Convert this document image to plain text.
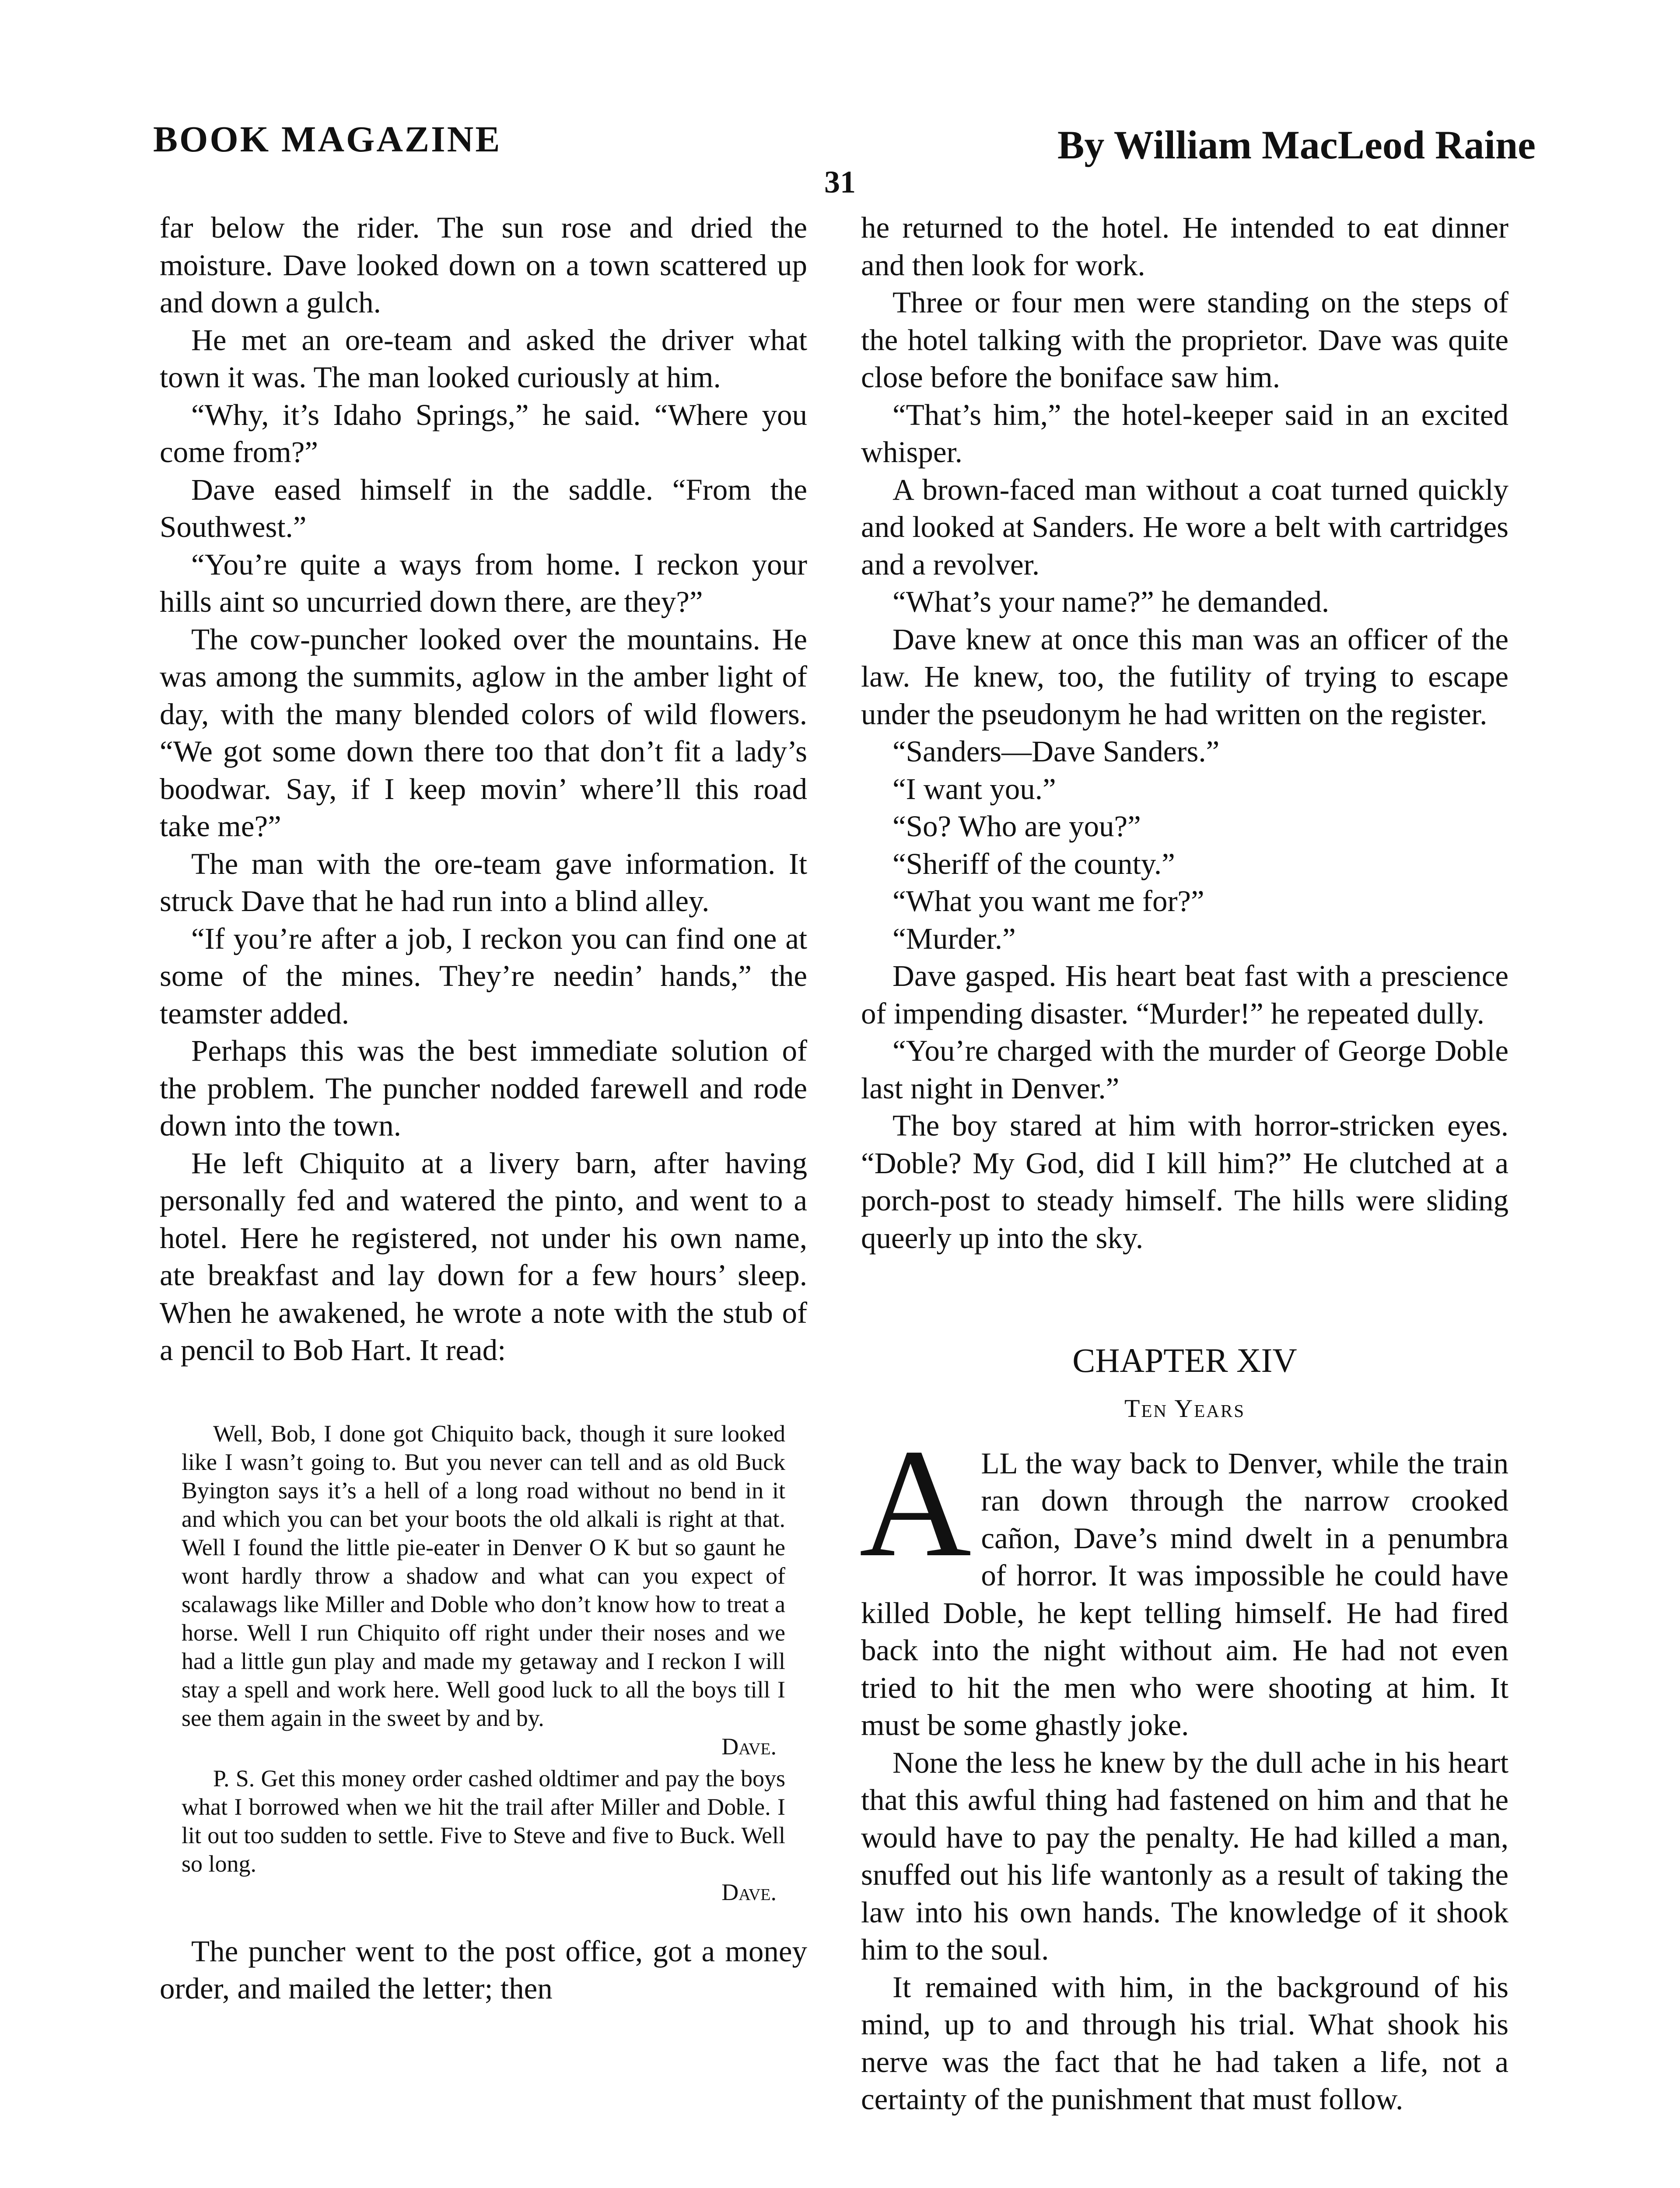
BOOK MAGAZINE	By William MacLeod Raine
31

far below the rider. The sun rose and dried the moisture. Dave looked down on a town scattered up and down a gulch.

He met an ore-team and asked the driver what town it was. The man looked curiously at him.

“Why, it’s Idaho Springs,” he said. “Where you come from?”

Dave eased himself in the saddle. “From the Southwest.”

“You’re quite a ways from home. I reckon your hills aint so uncurried down there, are they?”

The cow-puncher looked over the mountains. He was among the summits, aglow in the amber light of day, with the many blended colors of wild flowers. “We got some down there too that don’t fit a lady’s boodwar. Say, if I keep movin’ where’ll this road take me?”

The man with the ore-team gave information. It struck Dave that he had run into a blind alley.

“If you’re after a job, I reckon you can find one at some of the mines. They’re needin’ hands,” the teamster added.

Perhaps this was the best immediate solution of the problem. The puncher nodded farewell and rode down into the town.

He left Chiquito at a livery barn, after having personally fed and watered the pinto, and went to a hotel. Here he registered, not under his own name, ate breakfast and lay down for a few hours’ sleep. When he awakened, he wrote a note with the stub of a pencil to Bob Hart. It read:

Well, Bob, I done got Chiquito back, though it sure looked like I wasn’t going to. But you never can tell and as old Buck Byington says it’s a hell of a long road without no bend in it and which you can bet your boots the old alkali is right at that. Well I found the little pie-eater in Denver O K but so gaunt he wont hardly throw a shadow and what can you expect of scalawags like Miller and Doble who don’t know how to treat a horse. Well I run Chiquito off right under their noses and we had a little gun play and made my getaway and I reckon I will stay a spell and work here. Well good luck to all the boys till I see them again in the sweet by and by.

Dave.

P. S. Get this money order cashed oldtimer and pay the boys what I borrowed when we hit the trail after Miller and Doble. I lit out too sudden to settle. Five to Steve and five to Buck. Well so long.

Dave.

The puncher went to the post office, got a money order, and mailed the letter; then

he returned to the hotel. He intended to eat dinner and then look for work.

Three or four men were standing on the steps of the hotel talking with the proprietor. Dave was quite close before the boniface saw him.

“That’s him,” the hotel-keeper said in an excited whisper.

A brown-faced man without a coat turned quickly and looked at Sanders. He wore a belt with cartridges and a revolver.

“What’s your name?” he demanded.

Dave knew at once this man was an officer of the law. He knew, too, the futility of trying to escape under the pseudonym he had written on the register.

“Sanders—Dave Sanders.”

“I want you.”

“So? Who are you?”

“Sheriff of the county.”

“What you want me for?”

“Murder.”

Dave gasped. His heart beat fast with a prescience of impending disaster. “Murder!” he repeated dully.

“You’re charged with the murder of George Doble last night in Denver.”

The boy stared at him with horror-stricken eyes. “Doble? My God, did I kill him?” He clutched at a porch-post to steady himself. The hills were sliding queerly up into the sky.

CHAPTER XIV
Ten Years

ALL the way back to Denver, while the train ran down through the narrow crooked cañon, Dave’s mind dwelt in a penumbra of horror. It was impossible he could have killed Doble, he kept telling himself. He had fired back into the night without aim. He had not even tried to hit the men who were shooting at him. It must be some ghastly joke.

None the less he knew by the dull ache in his heart that this awful thing had fastened on him and that he would have to pay the penalty. He had killed a man, snuffed out his life wantonly as a result of taking the law into his own hands. The knowledge of it shook him to the soul.

It remained with him, in the background of his mind, up to and through his trial. What shook his nerve was the fact that he had taken a life, not a certainty of the punishment that must follow.
